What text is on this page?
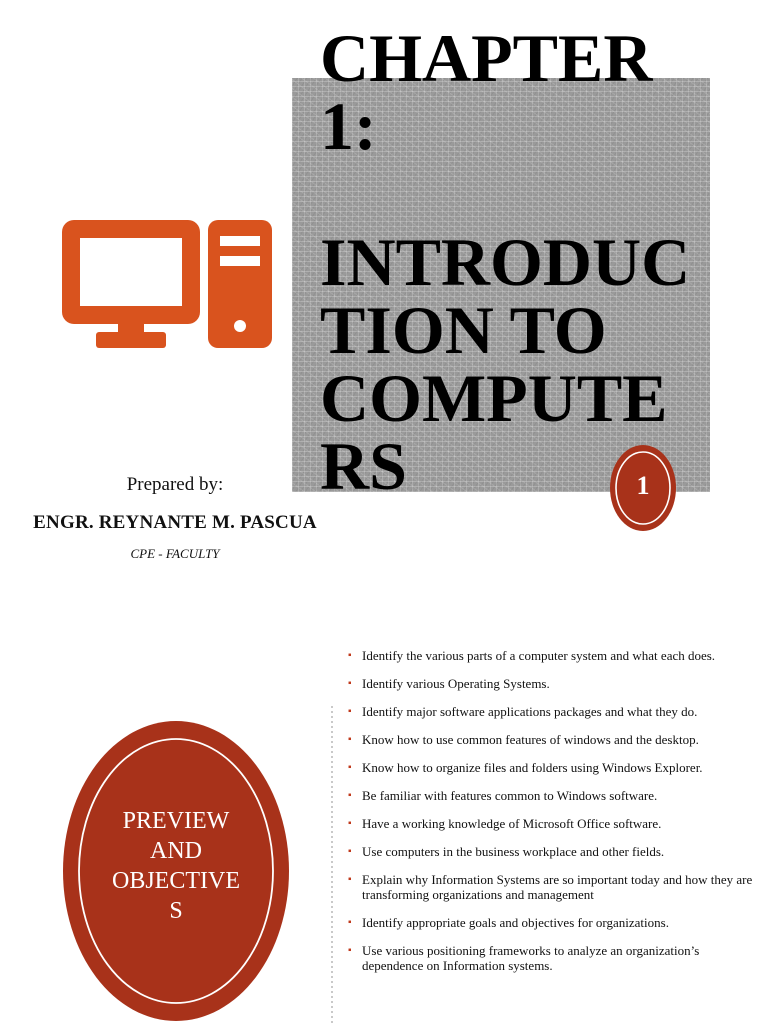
CHAPTER
1:
INTRODUC
TION TO
COMPUTE
RS	1
Prepared by:
ENGR. REYNANTE M. PASCUA
CPE - FACULTY
PREVIEW
AND
OBJECTIVE
S
▪ Identify the various parts of a computer system and what each does.
▪ Identify various Operating Systems.
▪ Identify major software applications packages and what they do.
▪ Know how to use common features of windows and the desktop.
▪ Know how to organize files and folders using Windows Explorer.
▪ Be familiar with features common to Windows software.
▪ Have a working knowledge of Microsoft Office software.
▪ Use computers in the business workplace and other fields.
▪ Explain why Information Systems are so important today and how they are transforming organizations and management
▪ Identify appropriate goals and objectives for organizations.
▪ Use various positioning frameworks to analyze an organization’s dependence on Information systems.
